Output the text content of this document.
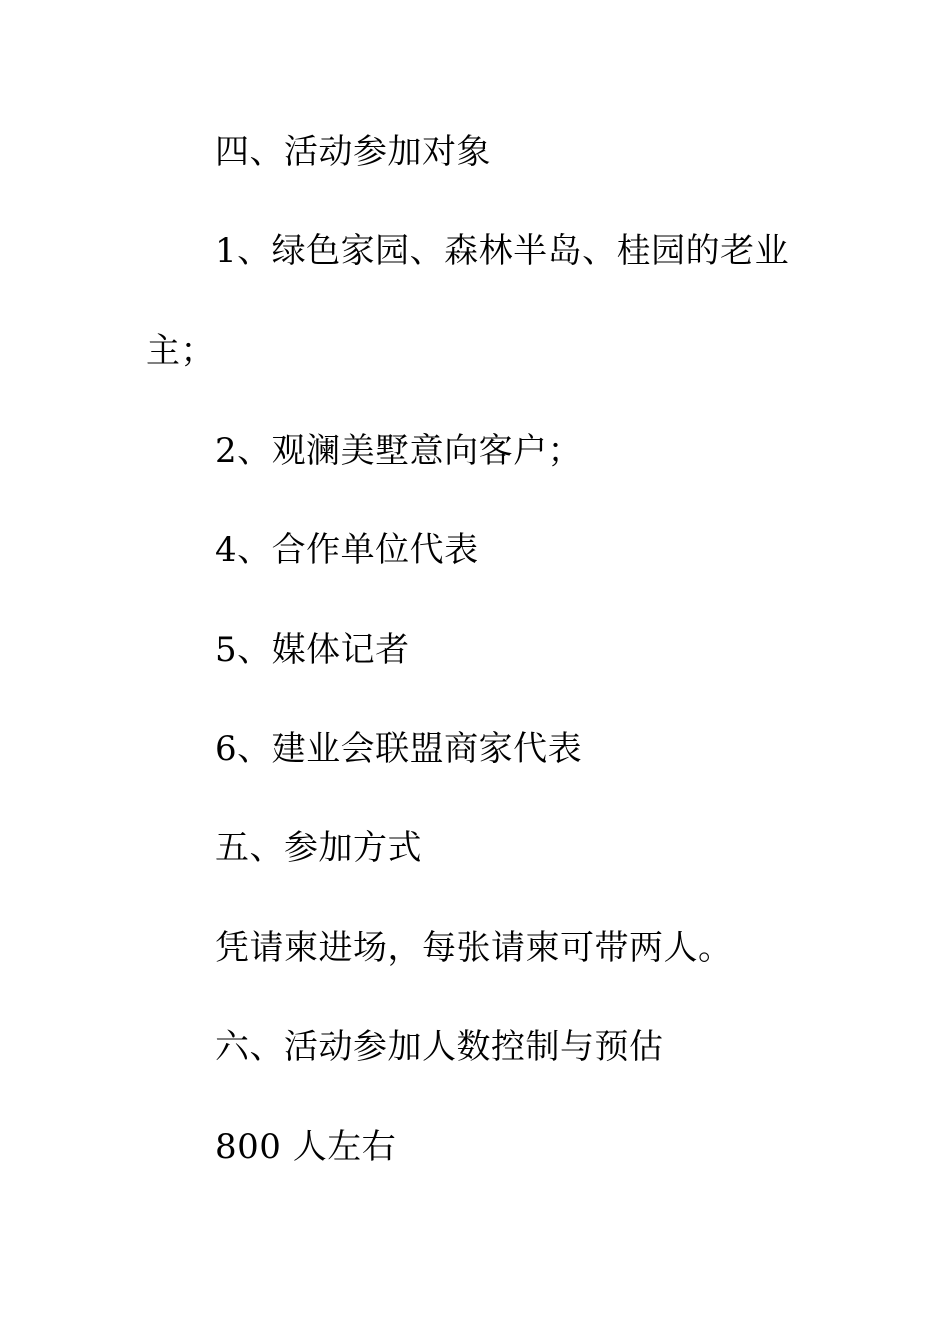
四、活动参加对象
1、绿色家园、森林半岛、桂园的老业
主；
2、观澜美墅意向客户；
4、合作单位代表
5、媒体记者
6、建业会联盟商家代表
五、参加方式
凭请柬进场，每张请柬可带两人。
六、活动参加人数控制与预估
800 人左右
